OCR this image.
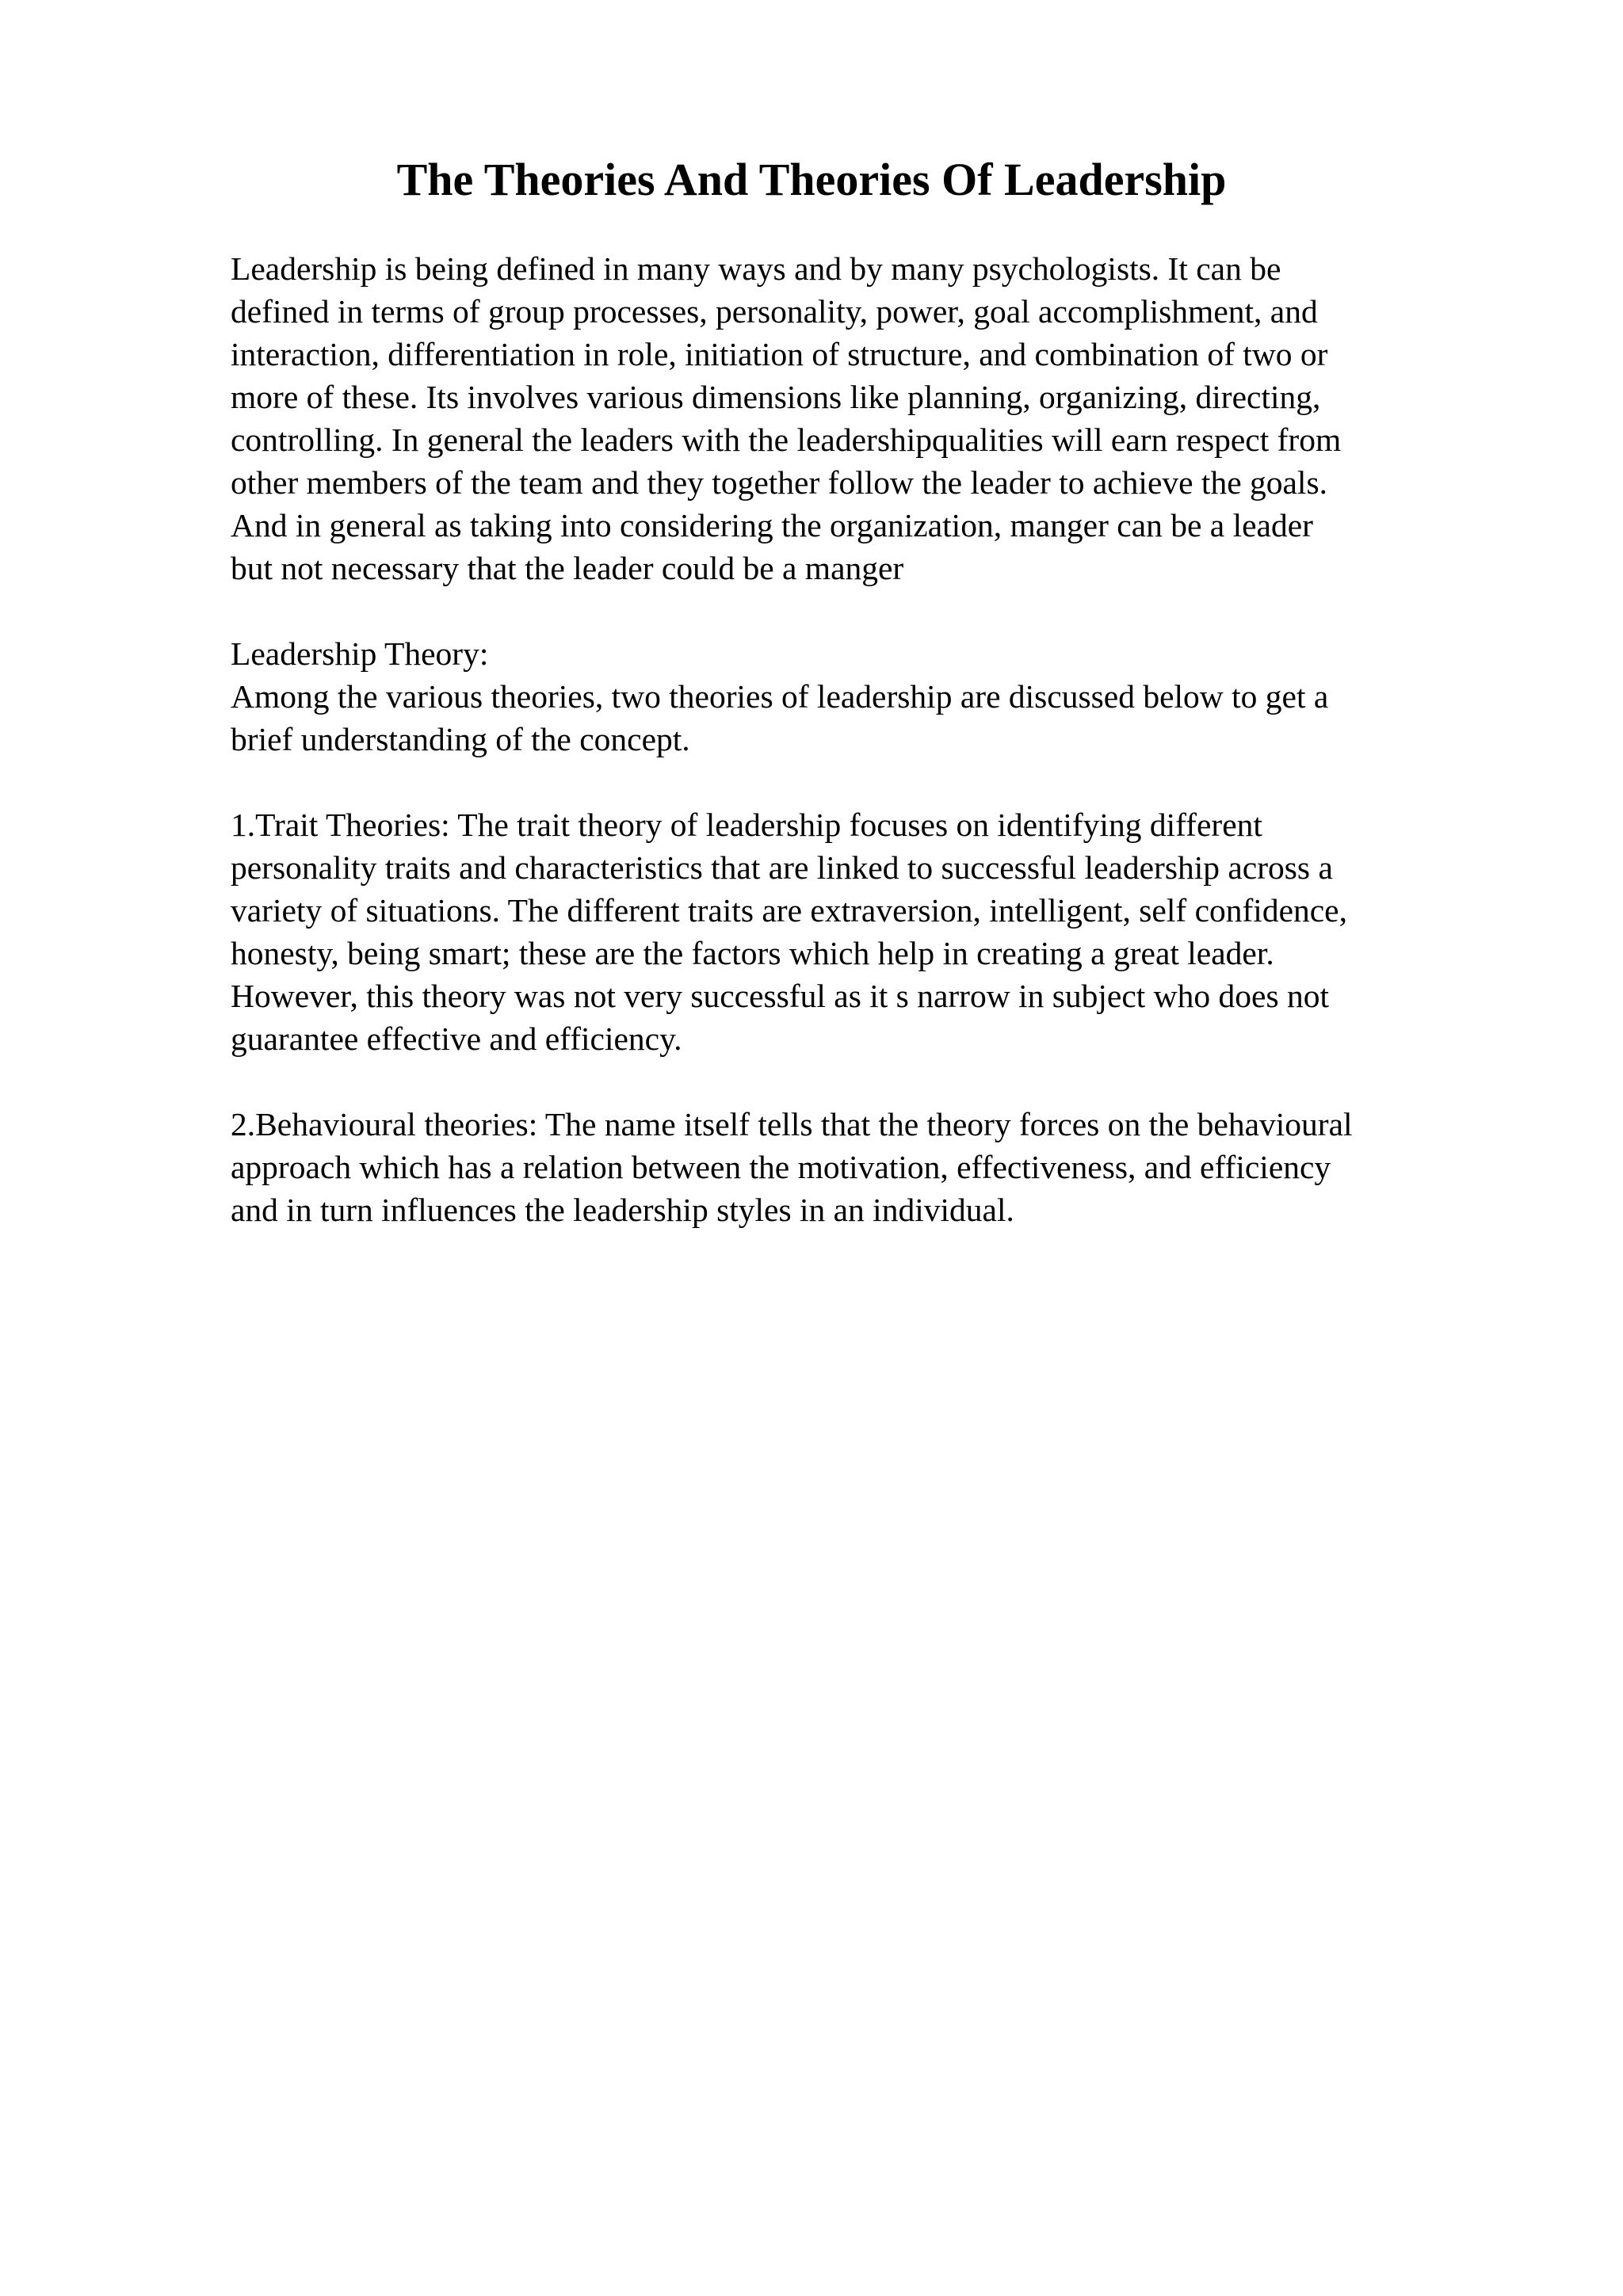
The Theories And Theories Of Leadership

Leadership is being defined in many ways and by many psychologists. It can be
defined in terms of group processes, personality, power, goal accomplishment, and
interaction, differentiation in role, initiation of structure, and combination of two or
more of these. Its involves various dimensions like planning, organizing, directing,
controlling. In general the leaders with the leadershipqualities will earn respect from
other members of the team and they together follow the leader to achieve the goals.
And in general as taking into considering the organization, manger can be a leader
but not necessary that the leader could be a manger

Leadership Theory:
Among the various theories, two theories of leadership are discussed below to get a
brief understanding of the concept.

1.Trait Theories: The trait theory of leadership focuses on identifying different
personality traits and characteristics that are linked to successful leadership across a
variety of situations. The different traits are extraversion, intelligent, self confidence,
honesty, being smart; these are the factors which help in creating a great leader.
However, this theory was not very successful as it s narrow in subject who does not
guarantee effective and efficiency.

2.Behavioural theories: The name itself tells that the theory forces on the behavioural
approach which has a relation between the motivation, effectiveness, and efficiency
and in turn influences the leadership styles in an individual.
